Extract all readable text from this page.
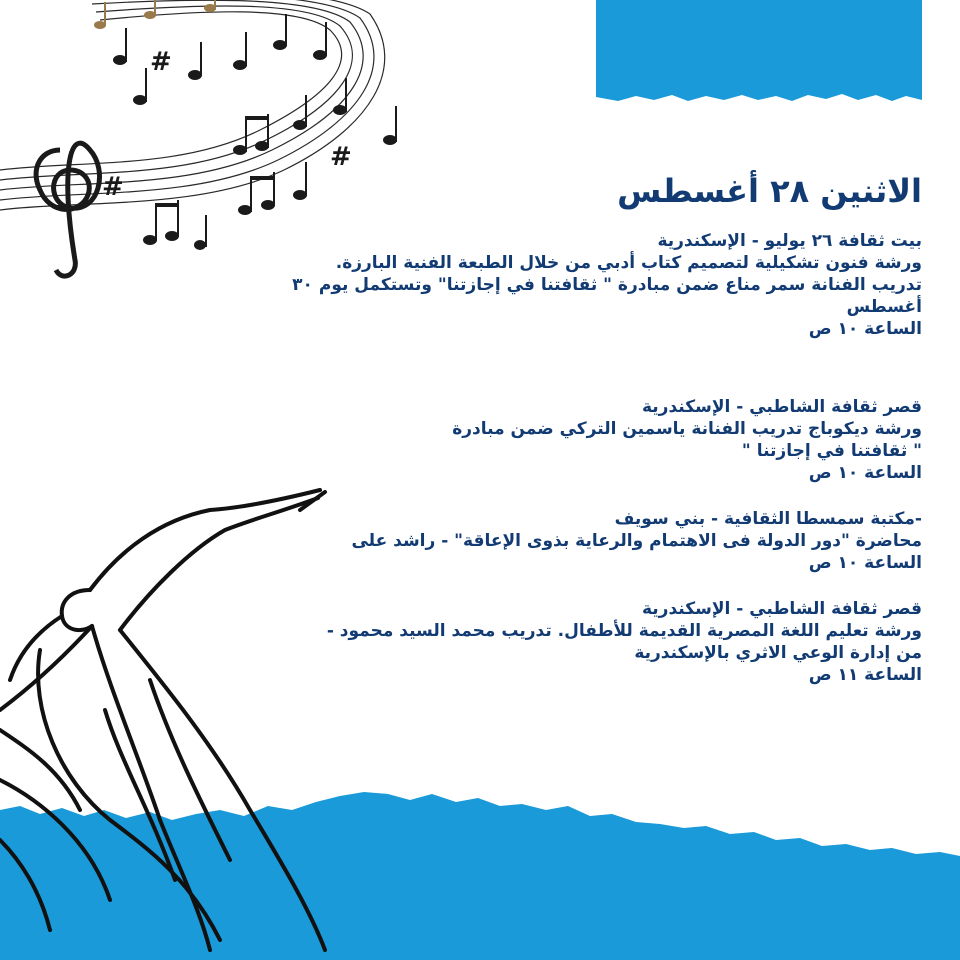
#
#
#
الاثنين ٢٨ أغسطس

بيت ثقافة ٢٦ يوليو - الإسكندرية

ورشة فنون تشكيلية لتصميم كتاب أدبي من خلال الطبعة الفنية البارزة.

تدريب الفنانة سمر مناع ضمن مبادرة " ثقافتنا في إجازتنا" وتستكمل يوم ٣٠

أغسطس

الساعة ١٠ ص

قصر ثقافة الشاطبي - الإسكندرية

ورشة ديكوباج تدريب الفنانة ياسمين التركي ضمن مبادرة

" ثقافتنا في إجازتنا "

الساعة ١٠ ص

-مكتبة سمسطا الثقافية - بني سويف

محاضرة "دور الدولة فى الاهتمام والرعاية بذوى الإعاقة" - راشد على

الساعة ١٠ ص

قصر ثقافة الشاطبي - الإسكندرية

ورشة تعليم اللغة المصرية القديمة للأطفال. تدريب محمد السيد محمود -

من إدارة الوعي الاثري بالإسكندرية

الساعة ١١ ص
